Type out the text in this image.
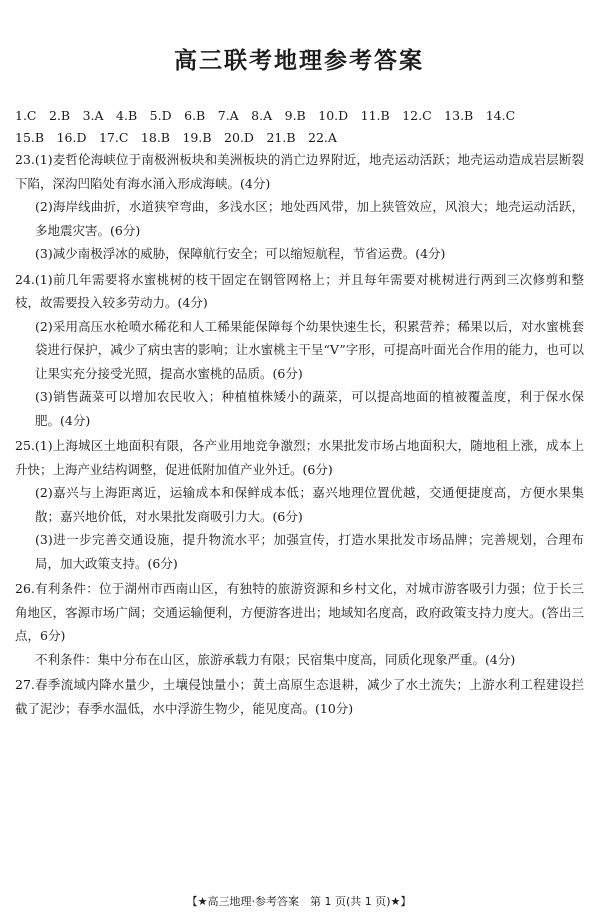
高三联考地理参考答案
1.C　2.B　3.A　4.B　5.D　6.B　7.A　8.A　9.B　10.D　11.B　12.C　13.B　14.C
15.B　16.D　17.C　18.B　19.B　20.D　21.B　22.A
23.(1)麦哲伦海峡位于南极洲板块和美洲板块的消亡边界附近，地壳运动活跃；地壳运动造成岩层断裂下陷，深沟凹陷处有海水涌入形成海峡。(4分)
(2)海岸线曲折，水道狭窄弯曲，多浅水区；地处西风带，加上狭管效应，风浪大；地壳运动活跃，多地震灾害。(6分)
(3)减少南极浮冰的威胁，保障航行安全；可以缩短航程，节省运费。(4分)
24.(1)前几年需要将水蜜桃树的枝干固定在钢管网格上；并且每年需要对桃树进行两到三次修剪和整枝，故需要投入较多劳动力。(4分)
(2)采用高压水枪喷水稀花和人工稀果能保障每个幼果快速生长，积累营养；稀果以后，对水蜜桃套袋进行保护，减少了病虫害的影响；让水蜜桃主干呈“V”字形，可提高叶面光合作用的能力，也可以让果实充分接受光照，提高水蜜桃的品质。(6分)
(3)销售蔬菜可以增加农民收入；种植植株矮小的蔬菜，可以提高地面的植被覆盖度，利于保水保肥。(4分)
25.(1)上海城区土地面积有限，各产业用地竞争激烈；水果批发市场占地面积大，随地租上涨，成本上升快；上海产业结构调整，促进低附加值产业外迁。(6分)
(2)嘉兴与上海距离近，运输成本和保鲜成本低；嘉兴地理位置优越，交通便捷度高，方便水果集散；嘉兴地价低，对水果批发商吸引力大。(6分)
(3)进一步完善交通设施，提升物流水平；加强宣传，打造水果批发市场品牌；完善规划，合理布局，加大政策支持。(6分)
26.有利条件：位于湖州市西南山区，有独特的旅游资源和乡村文化，对城市游客吸引力强；位于长三角地区，客源市场广阔；交通运输便利，方便游客进出；地域知名度高，政府政策支持力度大。(答出三点，6分)
不利条件：集中分布在山区，旅游承载力有限；民宿集中度高，同质化现象严重。(4分)
27.春季流域内降水量少，土壤侵蚀量小；黄土高原生态退耕，减少了水土流失；上游水利工程建设拦截了泥沙；春季水温低，水中浮游生物少，能见度高。(10分)
【★高三地理·参考答案　第 1 页(共 1 页)★】
